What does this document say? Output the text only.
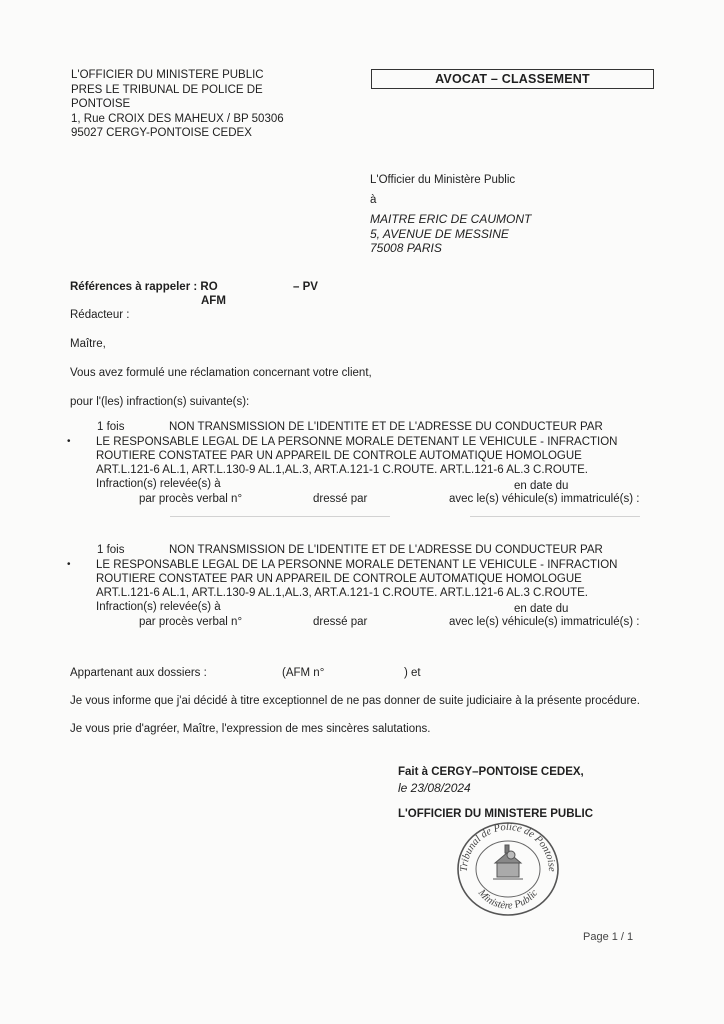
L'OFFICIER DU MINISTERE PUBLIC
PRES LE TRIBUNAL DE POLICE DE
PONTOISE
1, Rue CROIX DES MAHEUX / BP 50306
95027 CERGY-PONTOISE CEDEX
AVOCAT – CLASSEMENT
L'Officier du Ministère Public
à
MAITRE ERIC DE CAUMONT
5, AVENUE DE MESSINE
75008 PARIS
Références à rappeler : RO	– PV
AFM
Rédacteur :
Maître,
Vous avez formulé une réclamation concernant votre client,
pour l'(les) infraction(s) suivante(s):
1 fois	NON TRANSMISSION DE L'IDENTITE ET DE L'ADRESSE DU CONDUCTEUR PAR
• LE RESPONSABLE LEGAL DE LA PERSONNE MORALE DETENANT LE VEHICULE - INFRACTION
ROUTIERE CONSTATEE PAR UN APPAREIL DE CONTROLE AUTOMATIQUE HOMOLOGUE
ART.L.121-6 AL.1, ART.L.130-9 AL.1,AL.3, ART.A.121-1 C.ROUTE. ART.L.121-6 AL.3 C.ROUTE.
Infraction(s) relevée(s) à	en date du
par procès verbal n°	dressé par	avec le(s) véhicule(s) immatriculé(s) :
1 fois	NON TRANSMISSION DE L'IDENTITE ET DE L'ADRESSE DU CONDUCTEUR PAR
• LE RESPONSABLE LEGAL DE LA PERSONNE MORALE DETENANT LE VEHICULE - INFRACTION
ROUTIERE CONSTATEE PAR UN APPAREIL DE CONTROLE AUTOMATIQUE HOMOLOGUE
ART.L.121-6 AL.1, ART.L.130-9 AL.1,AL.3, ART.A.121-1 C.ROUTE. ART.L.121-6 AL.3 C.ROUTE.
Infraction(s) relevée(s) à	en date du
par procès verbal n°	dressé par	avec le(s) véhicule(s) immatriculé(s) :
Appartenant aux dossiers :	(AFM n°	) et
Je vous informe que j'ai décidé à titre exceptionnel de ne pas donner de suite judiciaire à la présente procédure.
Je vous prie d'agréer, Maître, l'expression de mes sincères salutations.
Fait à CERGY–PONTOISE CEDEX,
le 23/08/2024
L'OFFICIER DU MINISTERE PUBLIC
Tribunal de Police de Pontoise
Ministère Public
Page 1 / 1
